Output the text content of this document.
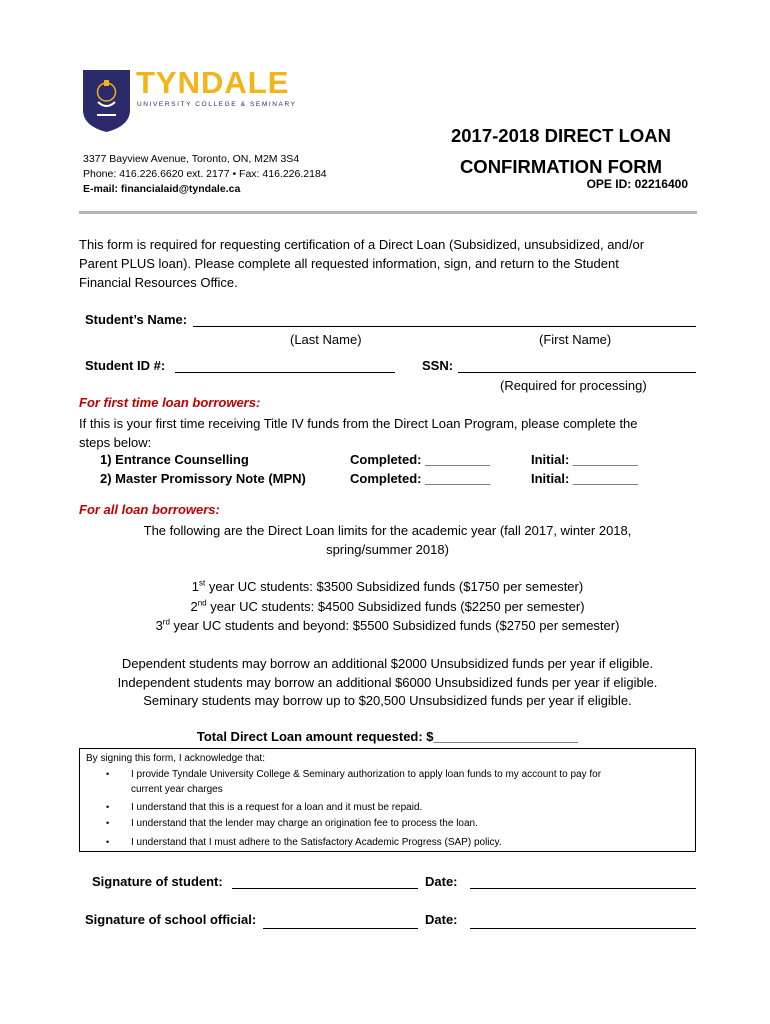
TYNDALE
UNIVERSITY COLLEGE & SEMINARY
3377 Bayview Avenue, Toronto, ON, M2M 3S4
Phone: 416.226.6620 ext. 2177 • Fax: 416.226.2184
E-mail: financialaid@tyndale.ca
2017-2018 DIRECT LOAN
CONFIRMATION FORM
OPE ID: 02216400
This form is required for requesting certification of a Direct Loan (Subsidized, unsubsidized, and/or
Parent PLUS loan). Please complete all requested information, sign, and return to the Student
Financial Resources Office.
Student’s Name:
(Last Name)	(First Name)
Student ID #:	SSN:
(Required for processing)
For first time loan borrowers:
If this is your first time receiving Title IV funds from the Direct Loan Program, please complete the
steps below:
1) Entrance Counselling	Completed: _________	Initial: _________
2) Master Promissory Note (MPN)	Completed: _________	Initial: _________
For all loan borrowers:
The following are the Direct Loan limits for the academic year (fall 2017, winter 2018,
spring/summer 2018)
1st year UC students: $3500 Subsidized funds ($1750 per semester)
2nd year UC students: $4500 Subsidized funds ($2250 per semester)
3rd year UC students and beyond: $5500 Subsidized funds ($2750 per semester)
Dependent students may borrow an additional $2000 Unsubsidized funds per year if eligible.
Independent students may borrow an additional $6000 Unsubsidized funds per year if eligible.
Seminary students may borrow up to $20,500 Unsubsidized funds per year if eligible.
Total Direct Loan amount requested: $____________________
By signing this form, I acknowledge that:
• I provide Tyndale University College & Seminary authorization to apply loan funds to my account to pay for
current year charges
• I understand that this is a request for a loan and it must be repaid.
• I understand that the lender may charge an origination fee to process the loan.
• I understand that I must adhere to the Satisfactory Academic Progress (SAP) policy.
Signature of student:	Date:
Signature of school official:	Date:
